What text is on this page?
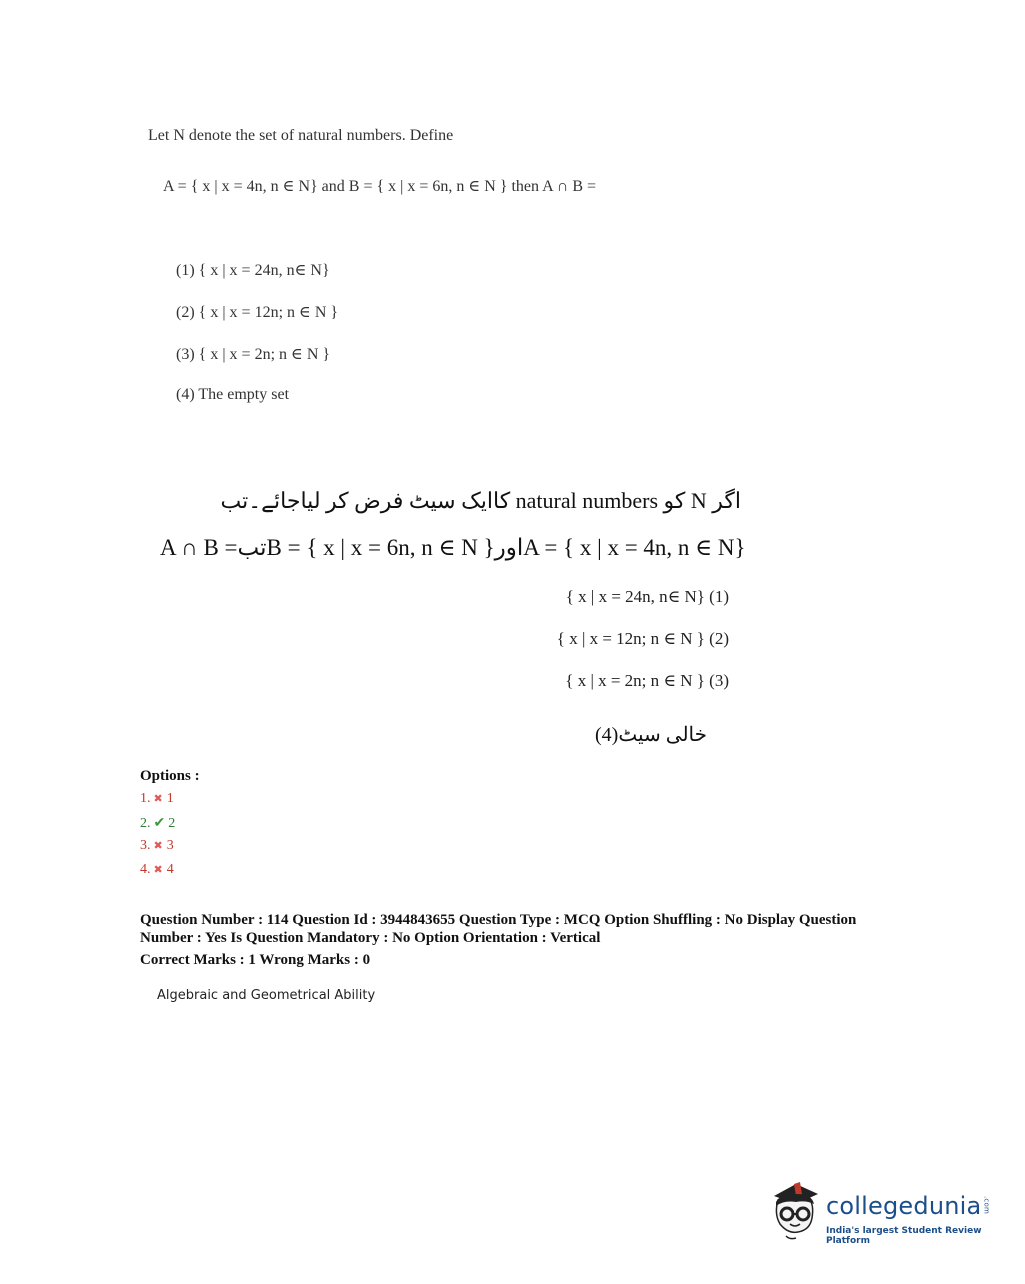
Let N denote the set of natural numbers. Define
A = { x | x = 4n, n ∈ N} and B = { x | x = 6n, n ∈ N } then A ∩ B =
(1) { x | x = 24n, n∈ N}
(2) { x | x = 12n; n ∈ N }
(3) { x | x = 2n; n ∈ N }
(4) The empty set
اگر N کو natural numbers کاایک سیٹ فرض کر لیاجائے۔تب
A ∩ B =تبB = { x | x = 6n, n ∈ N }اورA = { x | x = 4n, n ∈ N}
{ x | x = 24n, n∈ N} (1)
{ x | x = 12n; n ∈ N } (2)
{ x | x = 2n; n ∈ N } (3)
خالی سیٹ(4)
Options :
1. ✖ 1
2. ✔ 2
3. ✖ 3
4. ✖ 4
Question Number : 114 Question Id : 3944843655 Question Type : MCQ Option Shuffling : No Display Question
Number : Yes Is Question Mandatory : No Option Orientation : Vertical
Correct Marks : 1 Wrong Marks : 0
Algebraic and Geometrical Ability
collegedunia.com
India's largest Student Review Platform
